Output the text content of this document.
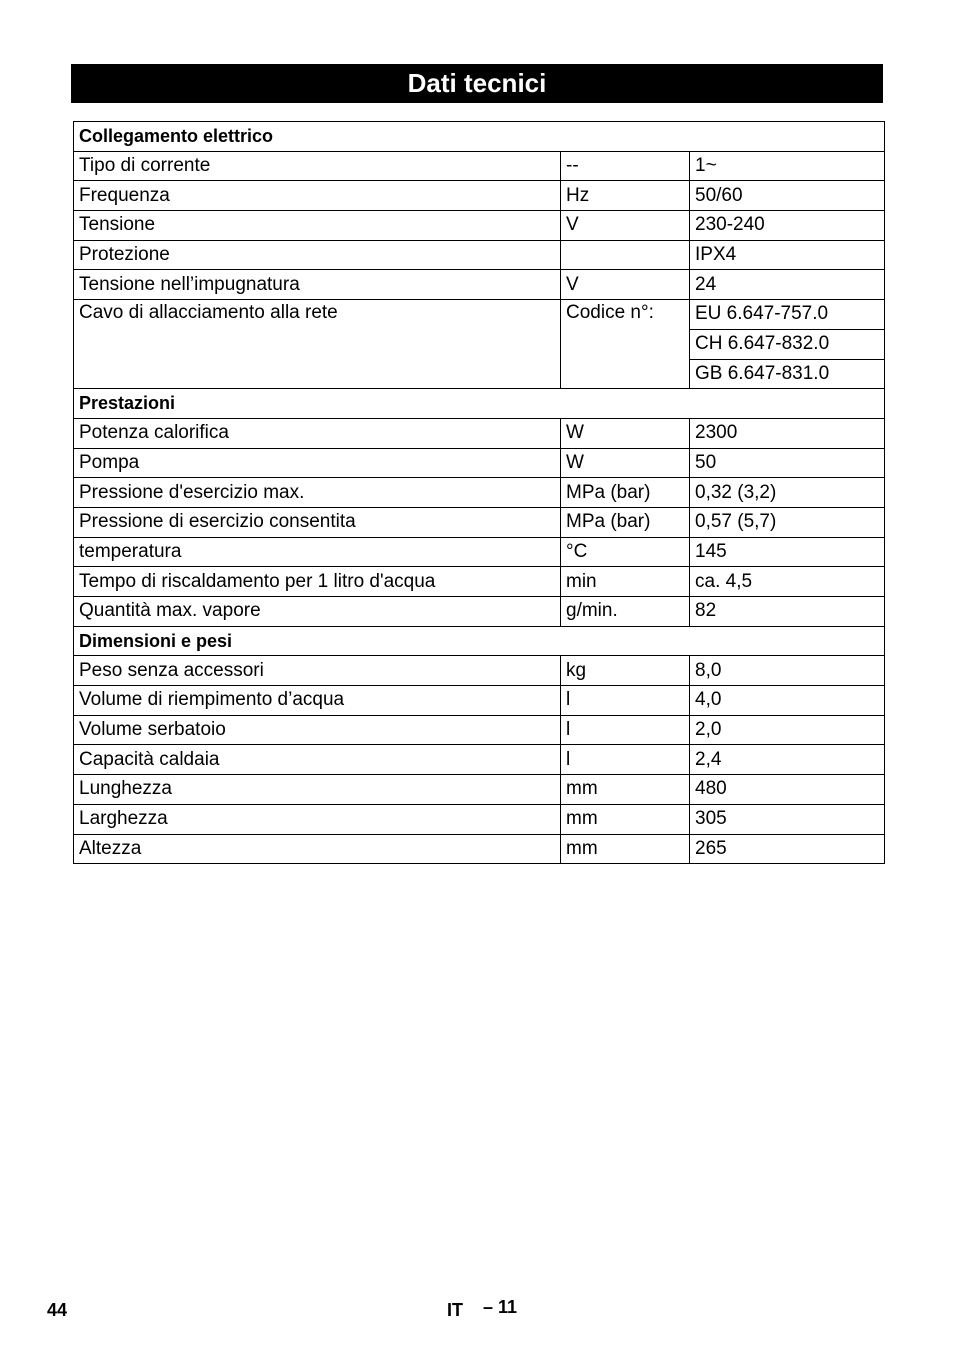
Dati tecnici
Collegamento elettrico		
Tipo di corrente	--	1~
Frequenza	Hz	50/60
Tensione	V	230-240
Protezione		IPX4
Tensione nell’impugnatura	V	24
Cavo di allacciamento alla rete	Codice n°:	EU 6.647-757.0
		CH 6.647-832.0
		GB 6.647-831.0
Prestazioni		
Potenza calorifica	W	2300
Pompa	W	50
Pressione d'esercizio max.	MPa (bar)	0,32 (3,2)
Pressione di esercizio consentita	MPa (bar)	0,57 (5,7)
temperatura	°C	145
Tempo di riscaldamento per 1 litro d'acqua	min	ca. 4,5
Quantità max. vapore	g/min.	82
Dimensioni e pesi		
Peso senza accessori	kg	8,0
Volume di riempimento d’acqua	l	4,0
Volume serbatoio	l	2,0
Capacità caldaia	l	2,4
Lunghezza	mm	480
Larghezza	mm	305
Altezza	mm	265
44	IT – 11
